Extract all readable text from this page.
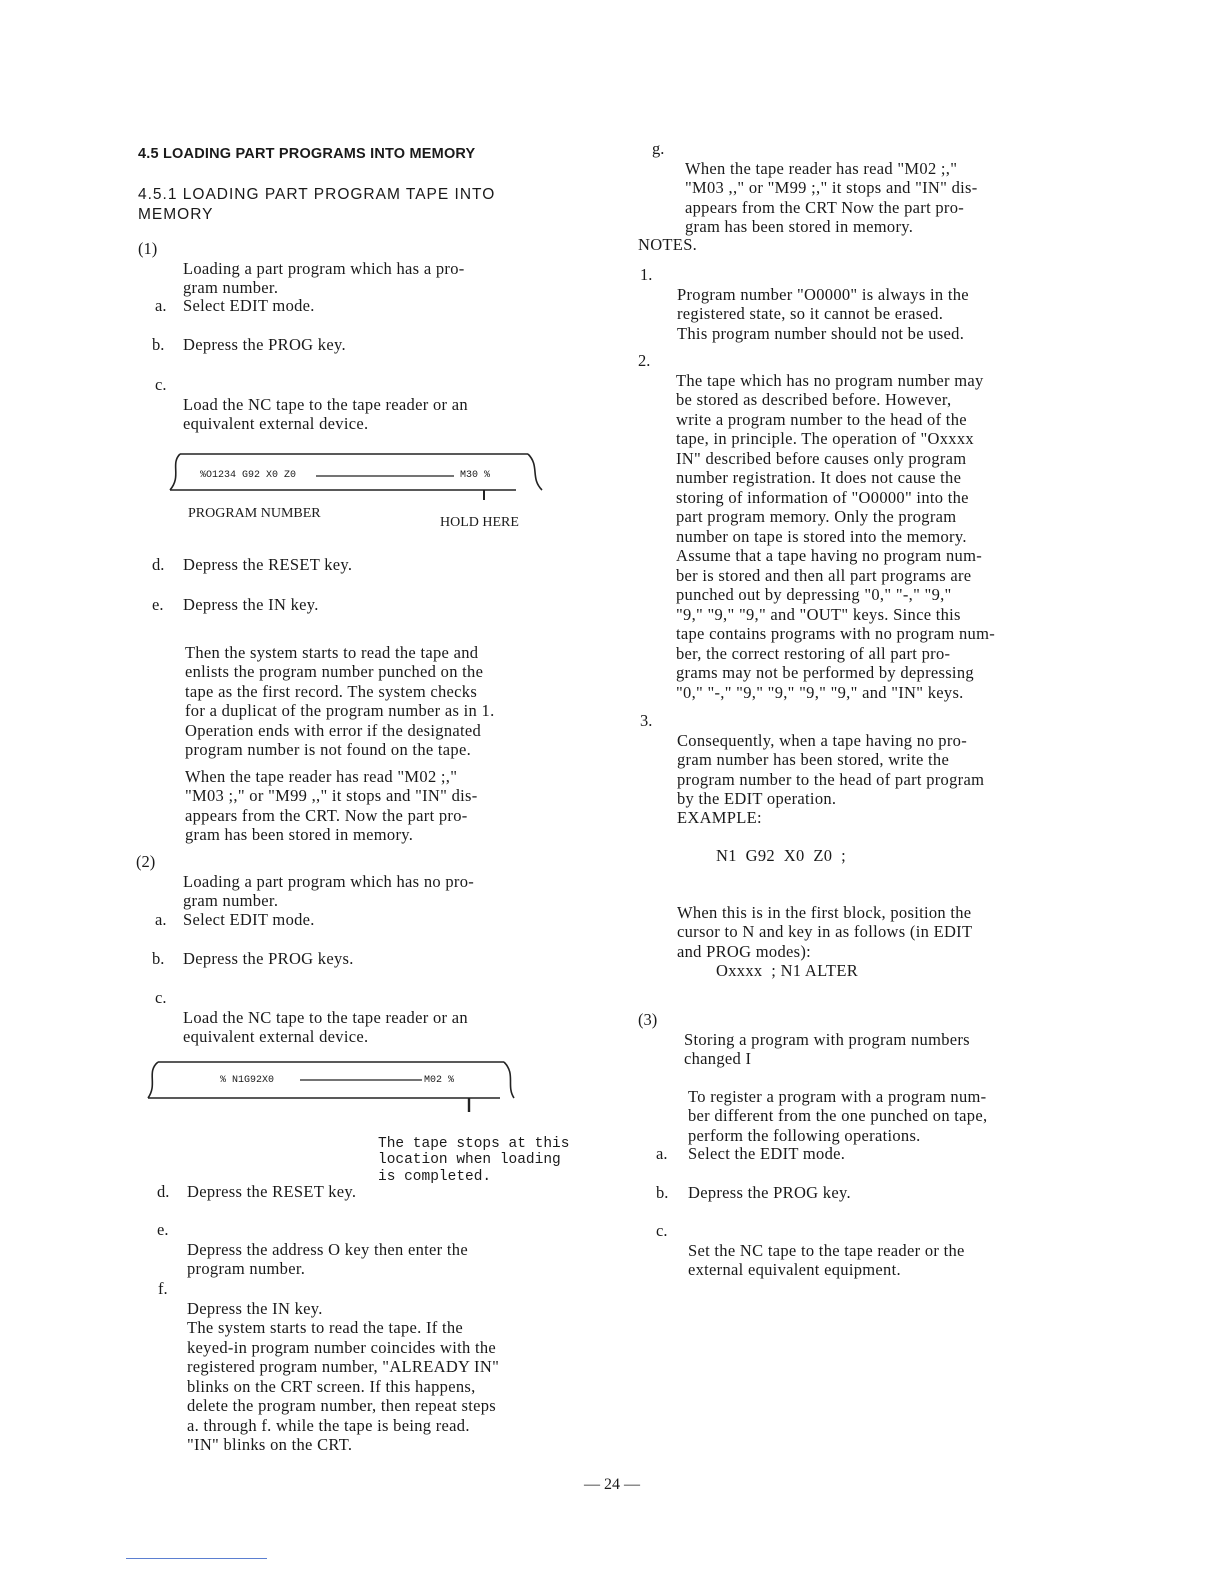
4.5 LOADING PART PROGRAMS INTO MEMORY
4.5.1 LOADING PART PROGRAM TAPE INTO
MEMORY
(1)

Loading a part program which has a pro-
gram number.

a. Select EDIT mode.
b. Depress the PROG key.
c.

Load the NC tape to the tape reader or an
equivalent external device.

%O1234 G92 X0 Z0	M30 %
PROGRAM NUMBER
HOLD HERE
d. Depress the RESET key.
e. Depress the IN key.

Then the system starts to read the tape and
enlists the program number punched on the
tape as the first record. The system checks
for a duplicat of the program number as in 1.
Operation ends with error if the designated
program number is not found on the tape.

When the tape reader has read "M02 ;,"
"M03 ;," or "M99 ,," it stops and "IN" dis-
appears from the CRT. Now the part pro-
gram has been stored in memory.

(2)

Loading a part program which has no pro-
gram number.

a. Select EDIT mode.
b. Depress the PROG keys.
c.

Load the NC tape to the tape reader or an
equivalent external device.

% N1G92X0	M02 %

The tape stops at this
location when loading
is completed.

d. Depress the RESET key.
e.

Depress the address O key then enter the
program number.

f.

Depress the IN key.
The system starts to read the tape. If the
keyed-in program number coincides with the
registered program number, "ALREADY IN"
blinks on the CRT screen. If this happens,
delete the program number, then repeat steps
a. through f. while the tape is being read.
"IN" blinks on the CRT.

g.

When the tape reader has read "M02 ;,"
"M03 ,," or "M99 ;," it stops and "IN" dis-
appears from the CRT Now the part pro-
gram has been stored in memory.

NOTES.
1.

Program number "O0000" is always in the
registered state, so it cannot be erased.
This program number should not be used.

2.

The tape which has no program number may
be stored as described before. However,
write a program number to the head of the
tape, in principle. The operation of "Oxxxx
IN" described before causes only program
number registration. It does not cause the
storing of information of "O0000" into the
part program memory. Only the program
number on tape is stored into the memory.
Assume that a tape having no program num-
ber is stored and then all part programs are
punched out by depressing "0," "-," "9,"
"9," "9," "9," and "OUT" keys. Since this
tape contains programs with no program num-
ber, the correct restoring of all part pro-
grams may not be performed by depressing
"0," "-," "9," "9," "9," "9," and "IN" keys.

3.

Consequently, when a tape having no pro-
gram number has been stored, write the
program number to the head of part program
by the EDIT operation.

EXAMPLE:
N1  G92  X0  Z0  ;

When this is in the first block, position the
cursor to N and key in as follows (in EDIT
and PROG modes):

Oxxxx  ; N1 ALTER
(3)

Storing a program with program numbers
changed I

To register a program with a program num-
ber different from the one punched on tape,
perform the following operations.

a. Select the EDIT mode.
b. Depress the PROG key.
c.

Set the NC tape to the tape reader or the
external equivalent equipment.

— 24 —
